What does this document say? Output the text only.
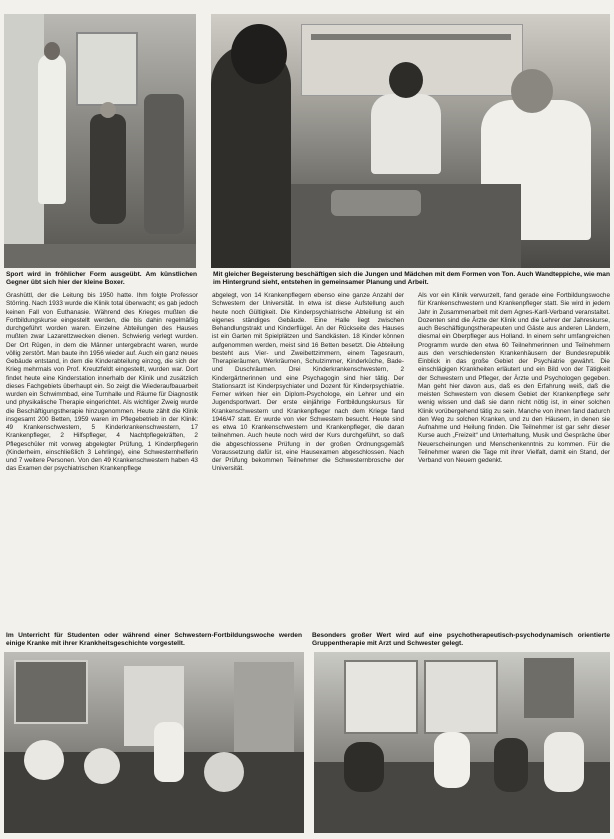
Sport wird in fröhlicher Form ausgeübt. Am künstlichen Gegner übt sich hier der kleine Boxer.

Mit gleicher Begeisterung beschäftigen sich die Jungen und Mädchen mit dem Formen von Ton. Auch Wandteppiche, wie man im Hintergrund sieht, entstehen in gemeinsamer Planung und Arbeit.

Grashüttl, der die Leitung bis 1950 hatte. Ihm folgte Professor Störring. Nach 1933 wurde die Klinik total überwacht; es gab jedoch keinen Fall von Euthanasie. Während des Krieges mußten die Fortbildungskurse eingestellt werden, die bis dahin regelmäßig durchgeführt worden waren. Einzelne Abteilungen des Hauses mußten zwar Lazarettzwecken dienen. Schwierig verlegt wurden. Der Ort Rügen, in dem die Männer untergebracht waren, wurde völlig zerstört. Man baute ihn 1956 wieder auf. Auch ein ganz neues Gebäude entstand, in dem die Kinderabteilung einzog, die sich der Krieg mehrmals von Prof. Kreutzfeldt eingestellt, wurden war. Dort findet heute eine Kinderstation innerhalb der Klinik und zusätzlich dieses Fachgebiets überhaupt ein. So zeigt die Wiederaufbauarbeit wurden ein Schwimmbad, eine Turnhalle und Räume für Diagnostik und physikalische Therapie eingerichtet. Als wichtiger Zweig wurde die Beschäftigungstherapie hinzugenommen. Heute zählt die Klinik insgesamt 200 Betten, 1959 waren im Pflegebetrieb in der Klinik: 49 Krankenschwestern, 5 Kinderkrankenschwestern, 17 Krankenpfleger, 2 Hilfspfleger, 4 Nachtpflegekräften, 2 Pflegeschüler mit vorweg abgelegter Prüfung, 1 Kinderpflegerin (Kinderheim, einschließlich 3 Lehrlinge), eine Schwesternhelferin und 7 weitere Personen. Von den 49 Krankenschwestern haben 43 das Examen der psychiatrischen Krankenpflege

abgelegt, von 14 Krankenpflegern ebenso eine ganze Anzahl der Schwestern der Universität. In etwa ist diese Aufstellung auch heute noch Gültigkeit. Die Kinderpsychiatrische Abteilung ist ein eigenes ständiges Gebäude. Eine Halle liegt zwischen Behandlungstrakt und Kinderflügel. An der Rückseite des Hauses ist ein Garten mit Spielplätzen und Sandkästen. 18 Kinder können aufgenommen werden, meist sind 16 Betten besetzt. Die Abteilung besteht aus Vier- und Zweibettzimmern, einem Tagesraum, Therapieräumen, Werkräumen, Schulzimmer, Kinderküche, Bade- und Duschräumen. Drei Kinderkrankenschwestern, 2 Kindergärtnerinnen und eine Psychagogin sind hier tätig. Der Stationsarzt ist Kinderpsychiater und Dozent für Kinderpsychiatrie. Ferner wirken hier ein Diplom-Psychologe, ein Lehrer und ein Jugendsportwart. Der erste einjährige Fortbildungskursus für Krankenschwestern und Krankenpfleger nach dem Kriege fand 1946/47 statt. Er wurde von vier Schwestern besucht. Heute sind es etwa 10 Krankenschwestern und Krankenpfleger, die daran teilnehmen. Auch heute noch wird der Kurs durchgeführt, so daß die abgeschlossene Prüfung in der großen Ordnungsgemäß Voraussetzung dafür ist, eine Hausexamen abgeschlossen. Nach der Prüfung bekommen Teilnehmer die Schwesternbrosche der Universität.

Als vor ein Klinik verwurzelt, fand gerade eine Fortbildungswoche für Krankenschwestern und Krankenpfleger statt. Sie wird in jedem Jahr in Zusammenarbeit mit dem Agnes-Karll-Verband veranstaltet. Dozenten sind die Ärzte der Klinik und die Lehrer der Jahreskurse, auch Beschäftigungstherapeuten und Gäste aus anderen Ländern, diesmal ein Oberpfleger aus Holland. In einem sehr umfangreichen Programm wurde den etwa 60 Teilnehmerinnen und Teilnehmern aus den verschiedensten Krankenhäusern der Bundesrepublik Einblick in das große Gebiet der Psychiatrie gewährt. Die einschlägigen Krankheiten erläutert und ein Bild von der Tätigkeit der Schwestern und Pfleger, der Ärzte und Psychologen gegeben. Man geht hier davon aus, daß es den Erfahrung weiß, daß die meisten Schwestern von diesem Gebiet der Krankenpflege sehr wenig wissen und daß sie dann nicht nötig ist, in einer solchen Klinik vorübergehend tätig zu sein. Manche von ihnen fand dadurch den Weg zu solchen Kranken, und zu den Häusern, in denen sie Aufnahme und Heilung finden. Die Teilnehmer ist gar sehr dieser Kurse auch „Freizeit“ und Unterhaltung, Musik und Gespräche über Neuerscheinungen und Menschenkenntnis zu kommen. Für die Teilnehmer waren die Tage mit ihrer Vielfalt, damit ein Stand, der Verband von Neuem gedenkt.

Im Unterricht für Studenten oder während einer Schwestern-Fortbildungswoche werden einige Kranke mit ihrer Krankheitsgeschichte vorgestellt.

Besonders großer Wert wird auf eine psychotherapeutisch-psychodynamisch orientierte Gruppentherapie mit Arzt und Schwester gelegt.
